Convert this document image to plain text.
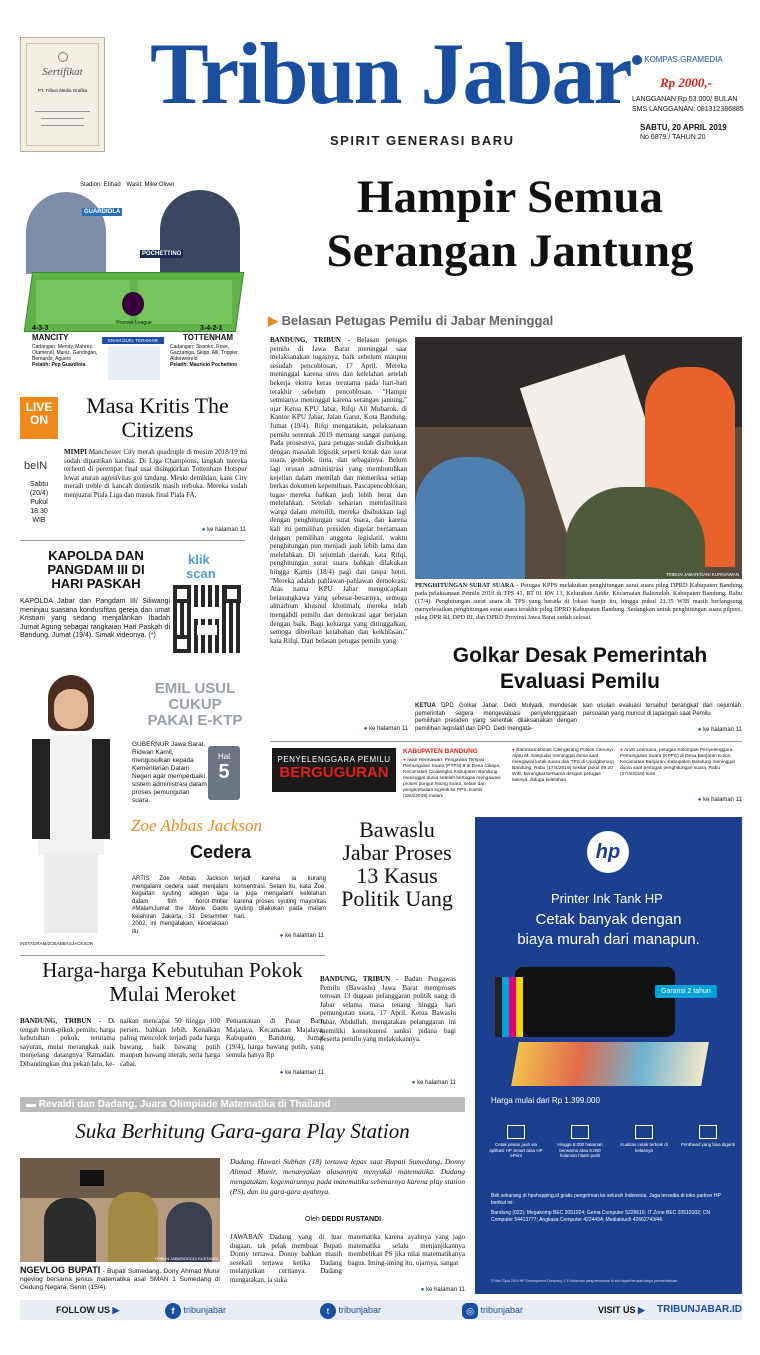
Sertifikat
PT. Tribun Media Grafika Tribun Jabar
SPIRIT GENERASI BARU
KOMPAS GRAMEDIA
Rp 2000,-
LANGGANAN Rp 53.000/ BULAN
SMS LANGGANAN: 081312386885
SABTU, 20 APRIL 2019
No 6879 / TAHUN 20
Stadion: Etihad Wasit: Mike Oliver
GUARDIOLA
POCHETTINO
Premier League
4-3-3
MANCITY
3-4-2-1
TOTTENHAM
ENAM DUEL TERAKHIR
Cadangan: Mendy, Mahrez, Otamendi, Muniz, Gundogan, Bernardo, Aguero
Pelatih: Pep Guardiola
Cadangan: Sissoko, Rose, Gazzaniga, Skipp, Alli, Trippier, Alderweireld
Pelatih: Mauricio Pochettino
Hampir Semua Serangan Jantung
▶ Belasan Petugas Pemilu di Jabar Meninggal
BANDUNG, TRIBUN - Belasan petugas pemilu di Jawa Barat meninggal saat melaksanakan tugasnya, baik sebelum maupun sesudah pencoblosan, 17 April. Mereka meninggal karena stres dan kelelahan setelah bekerja ekstra keras terutama pada hari-hari terakhir sebelum pencoblosan. "Hampir semuanya meninggal karena serangan jantung," ujar Ketua KPU Jabar, Rifqi Ali Mubarok, di Kantor KPU Jabar, Jalan Garut, Kota Bandung, Jumat (19/4). Rifqi mengatakan, pelaksanaan pemilu serentak 2019 memang sangat panjang. Pada prosesnya, para petugas sudah disibukkan dengan masalah logistik seperti kotak dan surat suara, gembok, tinta, dan sebagainya. Belum lagi urusan administrasi yang membutuhkan kejelian dalam memilah dan memeriksa setiap berkas dokumen kepemiluan. Pascapencoblosan, tugas mereka bahkan jauh lebih berat dan melelahkan. Setelah seharian memfasilitasi warga dalam memilih, mereka disibukkan lagi dengan penghitungan surat suara, dan karena kali ini pemilihan presiden digelar bersamaan dengan pemilihan anggota legislatif, waktu penghitungan pun menjadi jauh lebih lama dan melelahkan. Di sejumlah daerah, kata Rifqi, penghitungan surat suara bahkan dilakukan hingga Kamis (18/4) pagi dan tanpa henti. "Mereka adalah pahlawan-pahlawan demokrasi. Atas nama KPU Jabar mengucapkan belasungkawa yang sebesar-besarnya, semoga almarhum khusnul khotimah, mereka telah mengabdi pemilu dan demokrasi agar berjalan dengan baik. Bagi keluarga yang ditinggalkan, semoga diberikan ketabahan dan keikhlasan," kata Rifqi. Dari belasan petugas pemilu yang
● ke halaman 11
TRIBUN JABAR/GANI KURNIAWAN
PENGHITUNGAN SURAT SUARA - Petugas KPPS melakukan penghitungan surat suara pileg DPRD Kabupaten Bandung pada pelaksanaan Pemilu 2019 di TPS 41, RT 01 RW 13, Kelurahan Andir, Kecamatan Baleendah, Kabupaten Bandung, Rabu (17/4). Penghitungan surat suara di TPS yang berada di lokasi banjir itu, hingga pukul 21.35 WIB masih berlangsung menyelesaikan penghitungan surat suara terakhir pileg DPRD Kabupaten Bandung. Sedangkan untuk penghitungan suara pilpres, pileg DPR RI, DPD RI, dan DPRD Provinsi Jawa Barat sudah selesai.
LIVE ON
beIN
Sabtu (20/4) Pukul 18.30 WIB
Masa Kritis The Citizens
MIMPI Manchester City merah quadruple di musim 2018/19 mi sudah dipastikan kandas. Di Liga Champions, langkah mereka terhenti di perempat final usai disingkirkan Tottenham Hotspur lewat aturan agresivitas gol tandang. Meski demikian, kans City meraih treble di kancah domestik masih terbuka. Mereka sudah menjuarai Piala Liga dan masuk final Piala FA.
● ke halaman 11
KAPOLDA DAN PANGDAM III DI HARI PASKAH
KAPOLDA Jabar dan Pangdam III/ Siliwangi meninjau suasana kondusifitas gereja dan umat Kristiani yang sedang menjalankan Ibadah Jumat Agung sebagai rangkaian Hari Paskah di Bandung, Jumat (19/4). Simak videonya. (*)
klik
scan
EMIL USUL CUKUP PAKAI E-KTP
GUBERNUR Jawa Barat, Ridwan Kamil, mengusulkan kepada Kementerian Dalam Negeri agar memperbaiki sistem administrasi dalam proses pemungutan suara.
Hal
5
Zoe Abbas Jackson
Cedera
ARTIS Zoe Abbas Jackson mengalami cedera saat menjalani kegiatan syuting adegan laga dalam film horor-thriller #MalamJumat the Movie. Gadis kelahiran Jakarta, 31 Desember 2002, ini mengatakan, kecelakaan itu
terjadi karena ia kurang konsentrasi. Selain itu, kata Zoe, ia juga mengalami kelelahan karena proses syuting mayoritas syuting dilakukan pada malam hari.
INSTAGRAM/ZOEABBASJACKSON
● ke halaman 11
Bawaslu Jabar Proses 13 Kasus Politik Uang
BANDUNG, TRIBUN - Badan Pengawas Pemilu (Bawaslu) Jawa Barat memproses temuan 13 dugaan pelanggaran politik uang di Jabar selama masa tenang hingga hari pemungutan suara, 17 April. Ketua Bawaslu Jabar, Abdullah, mengatakan pelanggaran ini memiliki konsekuensi sanksi pidana bagi peserta pemilu yang melakukannya.
● ke halaman 11
Golkar Desak Pemerintah Evaluasi Pemilu
KETUA DPD Golkar Jabar, Dedi Mulyadi, mendesak pemerintah segera mengevaluasi penyelenggaraan pemilihan presiden yang serentak dilaksanakan dengan pemilihan legislatif dan DPD. Dedi mengata-
kan usulan evaluasi tersebut berangkat dari sejumlah persoalan yang muncul di lapangan saat Pemilu
● ke halaman 11
PENYELENGGARA PEMILU
BERGUGURAN
KABUPATEN BANDUNG
● Iwan Hermawan, Pengawas Tempat Pemungutan Suara (PTPS) 8 di Desa Cikaya, Kecamatan Cicalengka Kabupaten Bandung meninggal dunia setelah bertugas mengawasi proses pungut hitung suara, selain dan pengembalian logistik ke PPS, Kamis (18/4/2019) malam
● Babinkamtibmas Cilengkrang Polsek Cileunyi Aiptu M. Saepudin meninggal dunia saat mengawal kotak suara dari TPS di Ujungberung Bandung, Rabu (17/4/2019) sekitar pukul 09.20 WIB, berangkat bersama dengan petugas lainnya, diduga kelelahan.
● Andri Lesmana, petugas Kelompok Penyelenggara Pemungutan Suara (KPPS) di Desa Banjaran Kulon, Kecamatan Banjaran, Kabupaten Bandung meninggal dunia saat bertugas penghitungan suara, Rabu (17/4/2019) sore.
● ke halaman 11
hp
Printer Ink Tank HP
Cetak banyak dengan
biaya murah dari manapun.
Garansi 2 tahun
Harga mulai dari Rp 1.399.000
Cetak pesan jauh via aplikasi HP Smart atau HP ePrint
Hingga 8.000 halaman berwarna atau 6.000 halaman hitam putih
Kualitas cetak terbaik di kelasnya
Printhead yang bisa diganti
Beli sekarang di hpshopping.id gratis pengiriman ke seluruh Indonesia. Juga tersedia di toko partner HP berikut ini:
Bandung (022): Megakomp BEC 2051024; Gema Computer 5228616; IT Zone BEC 20510102; CN Computer 54413777; Angkasa Computer 4224494; Mediatouch 42662743/44.
© Hak Cipta 2019 HP Development Company, L.P. Informasi yang tercantum di sini dapat berubah tanpa pemberitahuan.
Harga-harga Kebutuhan Pokok Mulai Meroket
BANDUNG, TRIBUN - Di tengah hiruk-pikuk pemilu, harga kebutuhan pokok, terutama sayuran, mulai merangkak naik menjelang datangnya Ramadan. Dibandingkan dua pekan lalu, ke-
naikan mencapai 50 hingga 100 persen, bahkan lebih. Kenaikan paling mencolok terjadi pada harga bawang, baik bawang putih maupun bawang merah, serta harga cabai.
Pemantauan di Pasar Baru Majalaya, Kecamatan Majalaya, Kabupaten Bandung, Jumat (19/4), harga bawang putih, yang semula hanya Rp
● ke halaman 11
▬ Revaldi dan Dadang, Juara Olimpiade Matematika di Thailand
Suka Berhitung Gara-gara Play Station
TRIBUN JABAR/DEDDI RUSTANDI
NGEVLOG BUPATI - Bupati Sumedang, Dony Ahmad Munir ngevlog bersama jenius matematika asal SMAN 1 Sumedang di Gedung Negara, Senin (15/4).
Dadang Hawari Subhan (18) tertawa lepas saat Bupati Sumedang, Donny Ahmad Munir, menanyakan alasannya menyukai matematika. Dadang mengatakan, kegemarannya pada matematika sebenarnya karena play station (PS), dan itu gara-gara ayahnya.
Oleh DEDDI RUSTANDI
JAWABAN Dadang yang di luar dugaan, tak pelak membuat Bupati Donny tertawa. Donny bahkan masih sesekali tertawa ketika Dadang melanjutkan ceritanya. Dadang mengatakan, ia suka
matematika karena ayahnya yang jago matematika selalu menjanjikannya membelikan PS jika nilai matematikanya bagus. Iming-iming itu, ujarnya, sangat
● ke halaman 11
FOLLOW US ▶	f tribunjabar	t tribunjabar	◎ tribunjabar	VISIT US ▶ TRIBUNJABAR.ID
